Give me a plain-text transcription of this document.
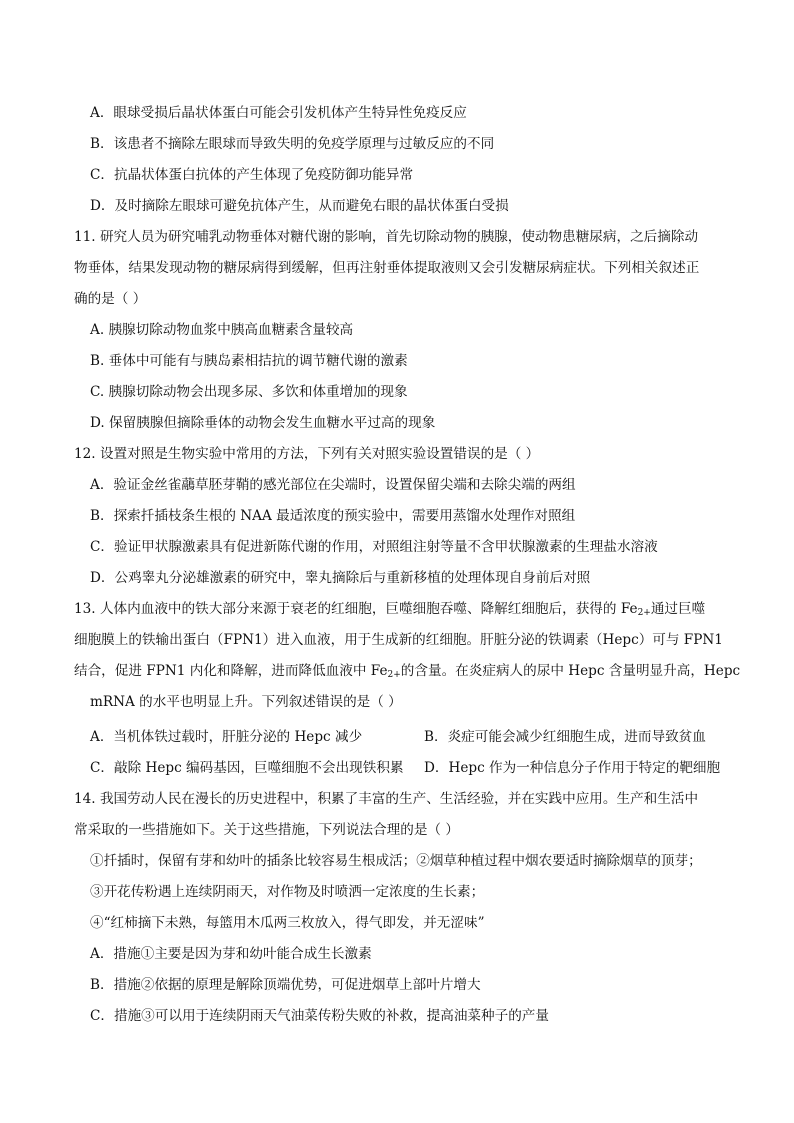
A．眼球受损后晶状体蛋白可能会引发机体产生特异性免疫反应
B．该患者不摘除左眼球而导致失明的免疫学原理与过敏反应的不同
C．抗晶状体蛋白抗体的产生体现了免疫防御功能异常
D．及时摘除左眼球可避免抗体产生，从而避免右眼的晶状体蛋白受损
11. 研究人员为研究哺乳动物垂体对糖代谢的影响，首先切除动物的胰腺，使动物患糖尿病，之后摘除动
物垂体，结果发现动物的糖尿病得到缓解，但再注射垂体提取液则又会引发糖尿病症状。下列相关叙述正
确的是（ ）
A. 胰腺切除动物血浆中胰高血糖素含量较高
B. 垂体中可能有与胰岛素相拮抗的调节糖代谢的激素
C. 胰腺切除动物会出现多尿、多饮和体重增加的现象
D. 保留胰腺但摘除垂体的动物会发生血糖水平过高的现象
12. 设置对照是生物实验中常用的方法，下列有关对照实验设置错误的是（ ）
A．验证金丝雀虉草胚芽鞘的感光部位在尖端时，设置保留尖端和去除尖端的两组
B．探索扦插枝条生根的 NAA 最适浓度的预实验中，需要用蒸馏水处理作对照组
C．验证甲状腺激素具有促进新陈代谢的作用，对照组注射等量不含甲状腺激素的生理盐水溶液
D．公鸡睾丸分泌雄激素的研究中，睾丸摘除后与重新移植的处理体现自身前后对照
13. 人体内血液中的铁大部分来源于衰老的红细胞，巨噬细胞吞噬、降解红细胞后，获得的 $Fe_{2+}$通过巨噬
细胞膜上的铁输出蛋白（FPN1）进入血液，用于生成新的红细胞。肝脏分泌的铁调素（Hepc）可与 FPN1
结合，促进 FPN1 内化和降解，进而降低血液中 $Fe_{2+}$的含量。在炎症病人的尿中 Hepc 含量明显升高，Hepc
mRNA 的水平也明显上升。下列叙述错误的是（ ）
A．当机体铁过载时，肝脏分泌的 Hepc 减少	B．炎症可能会减少红细胞生成，进而导致贫血
C．敲除 Hepc 编码基因，巨噬细胞不会出现铁积累 D．Hepc 作为一种信息分子作用于特定的靶细胞
14. 我国劳动人民在漫长的历史进程中，积累了丰富的生产、生活经验，并在实践中应用。生产和生活中
常采取的一些措施如下。关于这些措施，下列说法合理的是（ ）
①扦插时，保留有芽和幼叶的插条比较容易生根成活；②烟草种植过程中烟农要适时摘除烟草的顶芽；
③开花传粉遇上连续阴雨天，对作物及时喷洒一定浓度的生长素；
④“红柿摘下未熟，每篮用木瓜两三枚放入，得气即发，并无涩味”
A．措施①主要是因为芽和幼叶能合成生长激素
B．措施②依据的原理是解除顶端优势，可促进烟草上部叶片增大
C．措施③可以用于连续阴雨天气油菜传粉失败的补救，提高油菜种子的产量
